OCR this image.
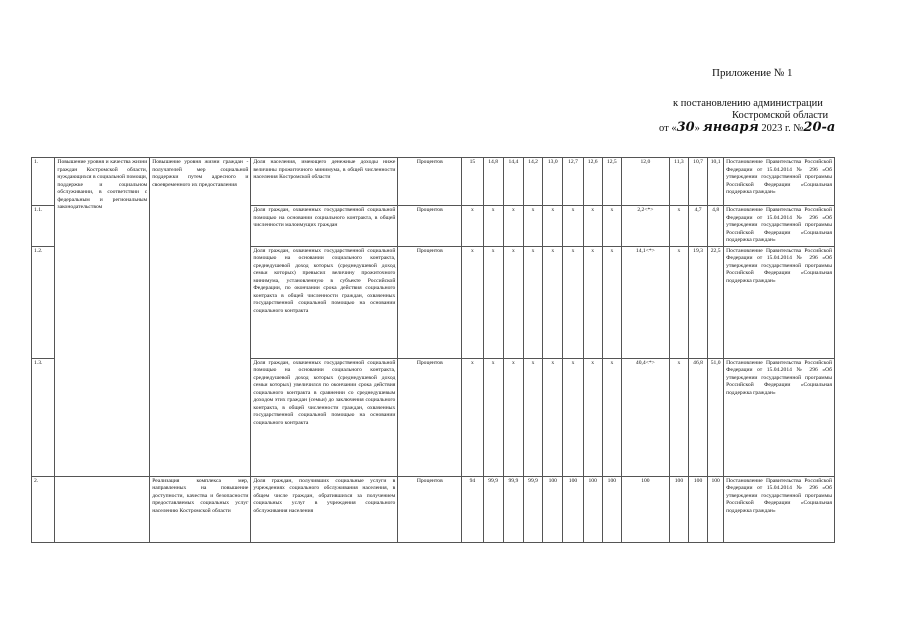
Приложение № 1
к постановлению администрации
Костромской области
от «30» января 2023 г. №20-а
1.	Повышение уровня и качества жизни граждан Костромской области, нуждающихся в социальной помощи, поддержке и социальном обслуживании, в соответствии с федеральным и региональным законодательством	Повышение уровня жизни граждан - получателей мер социальной поддержки путем адресного и своевременного их предоставления	Доля населения, имеющего денежные доходы ниже величины прожиточного минимума, в общей численности населения Костромской области	Процентов	15	14,8	14,4	14,2	13,0	12,7	12,6	12,5	12,0	11,3	10,7	10,1	Постановление Правительства Российской Федерации от 15.04.2014 № 296 «Об утверждении государственной программы Российской Федерации «Социальная поддержка граждан»
1.1.			Доля граждан, охваченных государственной социальной помощью на основании социального контракта, в общей численности малоимущих граждан	Процентов	х	х	х	х	х	х	х	х	2,2<*>	х	4,7	4,8	Постановление Правительства Российской Федерации от 15.04.2014 № 296 «Об утверждении государственной программы Российской Федерации «Социальная поддержка граждан»
1.2.			Доля граждан, охваченных государственной социальной помощью на основании социального контракта, среднедушевой доход которых (среднедушевой доход семьи которых) превысил величину прожиточного минимума, установленную в субъекте Российской Федерации, по окончании срока действия социального контракта в общей численности граждан, охваченных государственной социальной помощью на основании социального контракта	Процентов	х	х	х	х	х	х	х	х	14,1<*>	х	19,3	22,5	Постановление Правительства Российской Федерации от 15.04.2014 № 296 «Об утверждении государственной программы Российской Федерации «Социальная поддержка граждан»
1.3.			Доля граждан, охваченных государственной социальной помощью на основании социального контракта, среднедушевой доход которых (среднедушевой доход семьи которых) увеличился по окончании срока действия социального контракта в сравнении со среднедушевым доходом этих граждан (семьи) до заключения социального контракта, в общей численности граждан, охваченных государственной социальной помощью на основании социального контракта	Процентов	х	х	х	х	х	х	х	х	40,4<*>	х	46,8	51,0	Постановление Правительства Российской Федерации от 15.04.2014 № 296 «Об утверждении государственной программы Российской Федерации «Социальная поддержка граждан»
2.		Реализация комплекса мер, направленных на повышение доступности, качества и безопасности предоставляемых социальных услуг населению Костромской области	Доля граждан, получивших социальные услуги в учреждениях социального обслуживания населения, в общем числе граждан, обратившихся за получением социальных услуг в учреждения социального обслуживания населения	Процентов	94	99,9	99,9	99,9	100	100	100	100	100	100	100	100	Постановление Правительства Российской Федерации от 15.04.2014 № 296 «Об утверждении государственной программы Российской Федерации «Социальная поддержка граждан»
